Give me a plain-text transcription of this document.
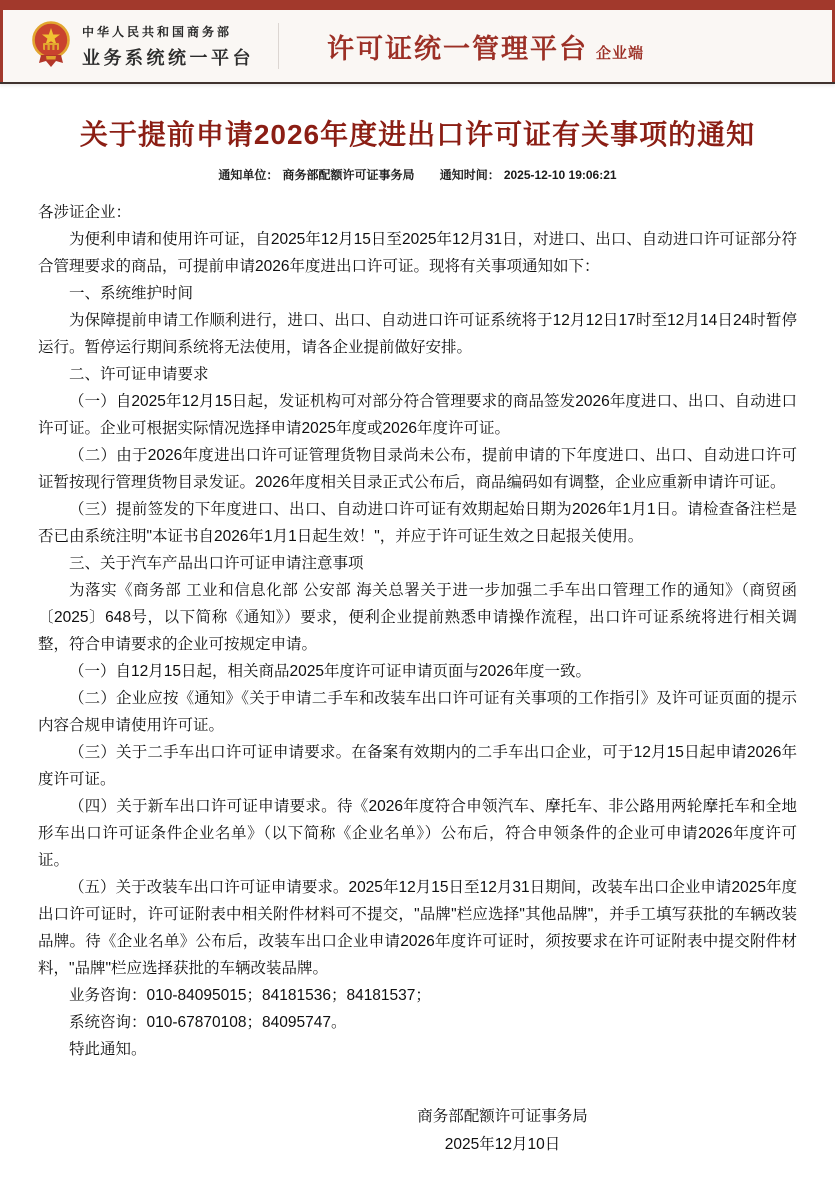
中华人民共和国商务部
业务系统统一平台	许可证统一管理平台 企业端
关于提前申请2026年度进出口许可证有关事项的通知
通知单位： 商务部配额许可证事务局 通知时间： 2025-12-10 19:06:21

各涉证企业：

为便利申请和使用许可证，自2025年12月15日至2025年12月31日，对进口、出口、自动进口许可证部分符合管理要求的商品，可提前申请2026年度进出口许可证。现将有关事项通知如下：

一、系统维护时间

为保障提前申请工作顺利进行，进口、出口、自动进口许可证系统将于12月12日17时至12月14日24时暂停运行。暂停运行期间系统将无法使用，请各企业提前做好安排。

二、许可证申请要求

（一）自2025年12月15日起，发证机构可对部分符合管理要求的商品签发2026年度进口、出口、自动进口许可证。企业可根据实际情况选择申请2025年度或2026年度许可证。

（二）由于2026年度进出口许可证管理货物目录尚未公布，提前申请的下年度进口、出口、自动进口许可证暂按现行管理货物目录发证。2026年度相关目录正式公布后，商品编码如有调整，企业应重新申请许可证。

（三）提前签发的下年度进口、出口、自动进口许可证有效期起始日期为2026年1月1日。请检查备注栏是否已由系统注明"本证书自2026年1月1日起生效！"，并应于许可证生效之日起报关使用。

三、关于汽车产品出口许可证申请注意事项

为落实《商务部 工业和信息化部 公安部 海关总署关于进一步加强二手车出口管理工作的通知》（商贸函〔2025〕648号，以下简称《通知》）要求，便利企业提前熟悉申请操作流程，出口许可证系统将进行相关调整，符合申请要求的企业可按规定申请。

（一）自12月15日起，相关商品2025年度许可证申请页面与2026年度一致。

（二）企业应按《通知》《关于申请二手车和改装车出口许可证有关事项的工作指引》及许可证页面的提示内容合规申请使用许可证。

（三）关于二手车出口许可证申请要求。在备案有效期内的二手车出口企业，可于12月15日起申请2026年度许可证。

（四）关于新车出口许可证申请要求。待《2026年度符合申领汽车、摩托车、非公路用两轮摩托车和全地形车出口许可证条件企业名单》（以下简称《企业名单》）公布后，符合申领条件的企业可申请2026年度许可证。

（五）关于改装车出口许可证申请要求。2025年12月15日至12月31日期间，改装车出口企业申请2025年度出口许可证时，许可证附表中相关附件材料可不提交，"品牌"栏应选择"其他品牌"，并手工填写获批的车辆改装品牌。待《企业名单》公布后，改装车出口企业申请2026年度许可证时，须按要求在许可证附表中提交附件材料，"品牌"栏应选择获批的车辆改装品牌。

业务咨询：010-84095015；84181536；84181537；

系统咨询：010-67870108；84095747。

特此通知。

商务部配额许可证事务局
2025年12月10日
